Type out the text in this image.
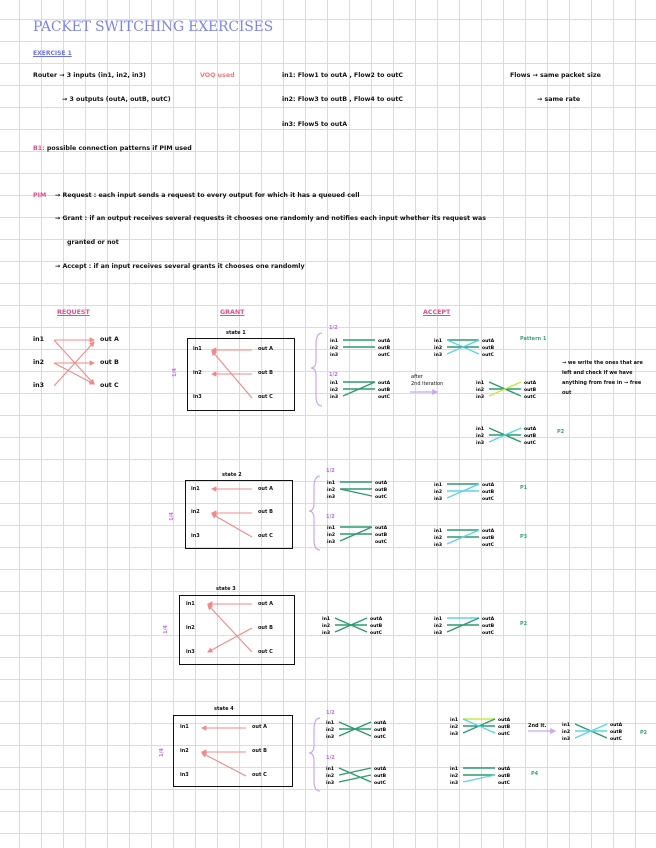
PACKET SWITCHING EXERCISES
EXERCISE 1
Router → 3 inputs (in1, in2, in3)	VOQ used
→ 3 outputs (outA, outB, outC)
in1: Flow1 to outA , Flow2 to outC
in2: Flow3 to outB , Flow4 to outC
in3: Flow5 to outA
Flows → same packet size
→ same rate
B1: possible connection patterns if PIM used
PIM → Request : each input sends a request to every output for which it has a queued cell
→ Grant : if an output receives several requests it chooses one randomly and notifies each input whether its request was
granted or not
→ Accept : if an input receives several grants it chooses one randomly
REQUEST	GRANT	ACCEPT
in1
in2
in3
out A
out B
out C
state 1
state 2
state 3
state 4
in1
in2
in3
out A
out B
out C
in1
in2
in3
out A
out B
out C
in1
in2
in3
out A
out B
out C
in1
in2
in3
out A
out B
out C
1/4
1/4
1/4
1/4
1/2
1/2
1/2
1/2
1/2
1/2
after
2nd iteration
Pattern 1
P2
P1
P3
P2
P4
P2
2nd it.
→ we write the ones that are left and check if we have anything from free in → free out
in1	outA
in2	outB
in3	outC
in1	outA
in2	outB
in3	outC
in1	outA
in2	outB
in3	outC
in1	outA
in2	outB
in3	outC
in1	outA
in2	outB
in3	outC
in1	outA
in2	outB
in3	outC
in1	outA
in2	outB
in3	outC
in1	outA
in2	outB
in3	outC
in1	outA
in2	outB
in3	outC
in1	outA
in2	outB
in3	outC
in1	outA
in2	outB
in3	outC
in1	outA
in2	outB
in3	outC
in1	outA
in2	outB
in3	outC
in1	outA
in2	outB
in3	outC
in1	outA
in2	outB
in3	outC
in1	outA
in2	outB
in3	outC
